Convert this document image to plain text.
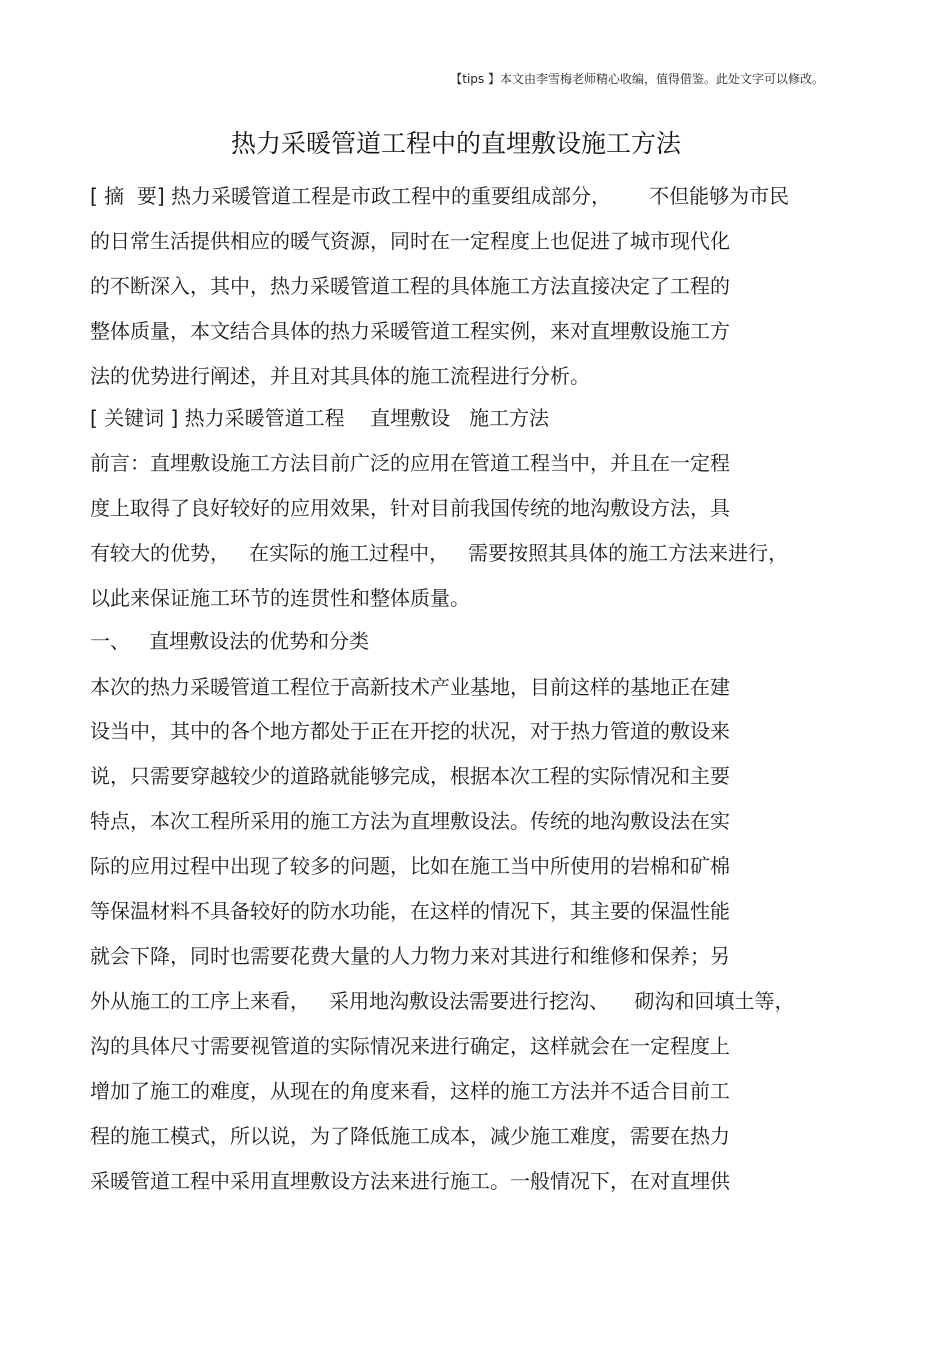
【tips 】本文由李雪梅老师精心收编，值得借鉴。此处文字可以修改。
热力采暖管道工程中的直埋敷设施工方法
[ 摘  要] 热力采暖管道工程是市政工程中的重要组成部分，      不但能够为市民
的日常生活提供相应的暖气资源，同时在一定程度上也促进了城市现代化
的不断深入，其中，热力采暖管道工程的具体施工方法直接决定了工程的
整体质量，本文结合具体的热力采暖管道工程实例，来对直埋敷设施工方
法的优势进行阐述，并且对其具体的施工流程进行分析。
[ 关键词 ] 热力采暖管道工程    直埋敷设   施工方法
前言：直埋敷设施工方法目前广泛的应用在管道工程当中，并且在一定程
度上取得了良好较好的应用效果，针对目前我国传统的地沟敷设方法，具
有较大的优势，   在实际的施工过程中，   需要按照其具体的施工方法来进行，
以此来保证施工环节的连贯性和整体质量。
一、   直埋敷设法的优势和分类
本次的热力采暖管道工程位于高新技术产业基地，目前这样的基地正在建
设当中，其中的各个地方都处于正在开挖的状况，对于热力管道的敷设来
说，只需要穿越较少的道路就能够完成，根据本次工程的实际情况和主要
特点，本次工程所采用的施工方法为直埋敷设法。传统的地沟敷设法在实
际的应用过程中出现了较多的问题，比如在施工当中所使用的岩棉和矿棉
等保温材料不具备较好的防水功能，在这样的情况下，其主要的保温性能
就会下降，同时也需要花费大量的人力物力来对其进行和维修和保养；另
外从施工的工序上来看，   采用地沟敷设法需要进行挖沟、    砌沟和回填土等，
沟的具体尺寸需要视管道的实际情况来进行确定，这样就会在一定程度上
增加了施工的难度，从现在的角度来看，这样的施工方法并不适合目前工
程的施工模式，所以说，为了降低施工成本，减少施工难度，需要在热力
采暖管道工程中采用直埋敷设方法来进行施工。一般情况下，在对直埋供
